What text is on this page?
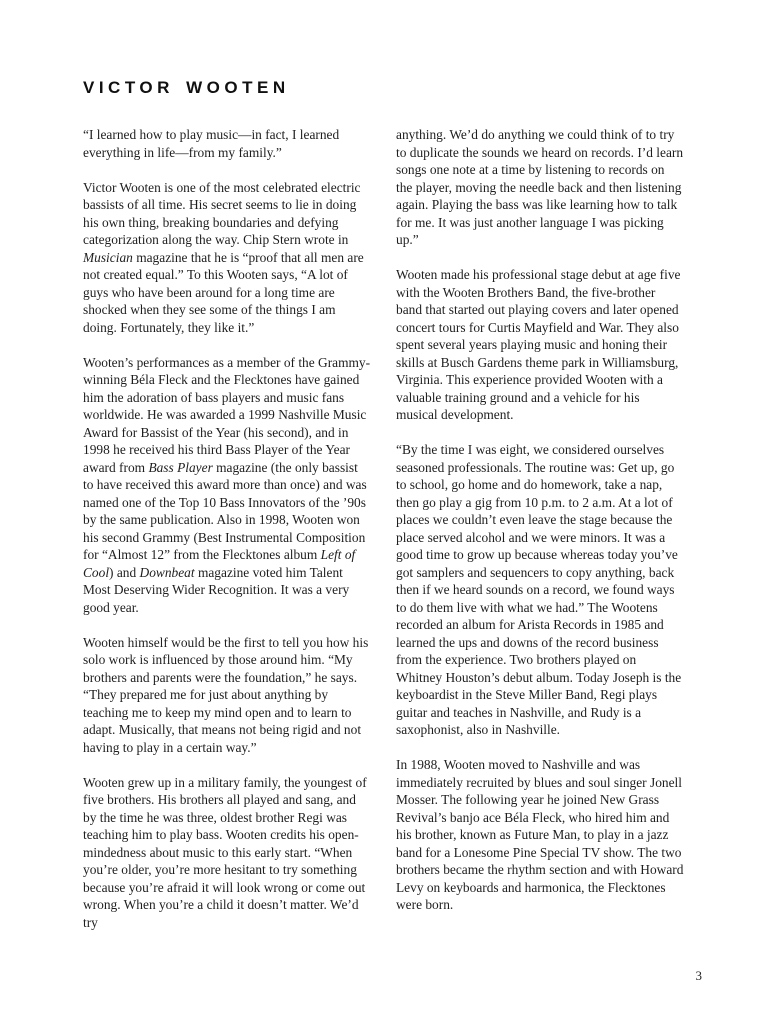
VICTOR WOOTEN

“I learned how to play music—in fact, I learned everything in life—from my family.”

Victor Wooten is one of the most celebrated electric bassists of all time. His secret seems to lie in doing his own thing, breaking boundaries and defying categorization along the way. Chip Stern wrote in Musician magazine that he is “proof that all men are not created equal.” To this Wooten says, “A lot of guys who have been around for a long time are shocked when they see some of the things I am doing. Fortunately, they like it.”

Wooten’s performances as a member of the Grammy-winning Béla Fleck and the Flecktones have gained him the adoration of bass players and music fans worldwide. He was awarded a 1999 Nashville Music Award for Bassist of the Year (his second), and in 1998 he received his third Bass Player of the Year award from Bass Player magazine (the only bassist to have received this award more than once) and was named one of the Top 10 Bass Innovators of the ’90s by the same publication. Also in 1998, Wooten won his second Grammy (Best Instrumental Composition for “Almost 12” from the Flecktones album Left of Cool) and Downbeat magazine voted him Talent Most Deserving Wider Recognition. It was a very good year.

Wooten himself would be the first to tell you how his solo work is influenced by those around him. “My brothers and parents were the foundation,” he says. “They prepared me for just about anything by teaching me to keep my mind open and to learn to adapt. Musically, that means not being rigid and not having to play in a certain way.”

Wooten grew up in a military family, the youngest of five brothers. His brothers all played and sang, and by the time he was three, oldest brother Regi was teaching him to play bass. Wooten credits his open-mindedness about music to this early start. “When you’re older, you’re more hesitant to try something because you’re afraid it will look wrong or come out wrong. When you’re a child it doesn’t matter. We’d try

anything. We’d do anything we could think of to try to duplicate the sounds we heard on records. I’d learn songs one note at a time by listening to records on the player, moving the needle back and then listening again. Playing the bass was like learning how to talk for me. It was just another language I was picking up.”

Wooten made his professional stage debut at age five with the Wooten Brothers Band, the five-brother band that started out playing covers and later opened concert tours for Curtis Mayfield and War. They also spent several years playing music and honing their skills at Busch Gardens theme park in Williamsburg, Virginia. This experience provided Wooten with a valuable training ground and a vehicle for his musical development.

“By the time I was eight, we considered ourselves seasoned professionals. The routine was: Get up, go to school, go home and do homework, take a nap, then go play a gig from 10 p.m. to 2 a.m. At a lot of places we couldn’t even leave the stage because the place served alcohol and we were minors. It was a good time to grow up because whereas today you’ve got samplers and sequencers to copy anything, back then if we heard sounds on a record, we found ways to do them live with what we had.” The Wootens recorded an album for Arista Records in 1985 and learned the ups and downs of the record business from the experience. Two brothers played on Whitney Houston’s debut album. Today Joseph is the keyboardist in the Steve Miller Band, Regi plays guitar and teaches in Nashville, and Rudy is a saxophonist, also in Nashville.

In 1988, Wooten moved to Nashville and was immediately recruited by blues and soul singer Jonell Mosser. The following year he joined New Grass Revival’s banjo ace Béla Fleck, who hired him and his brother, known as Future Man, to play in a jazz band for a Lonesome Pine Special TV show. The two brothers became the rhythm section and with Howard Levy on keyboards and harmonica, the Flecktones were born.

3
